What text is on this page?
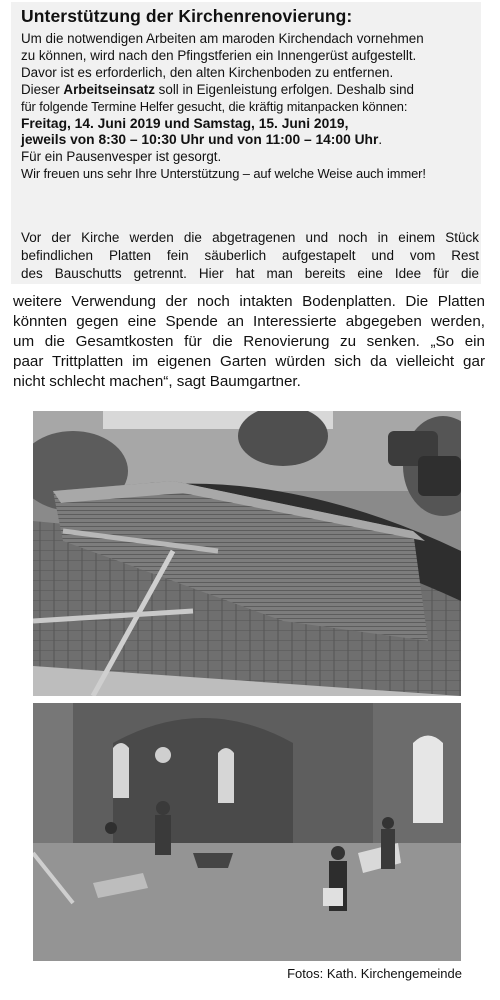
Unterstützung der Kirchenrenovierung:
Um die notwendigen Arbeiten am maroden Kirchendach vornehmen
zu können, wird nach den Pfingstferien ein Innengerüst aufgestellt.
Davor ist es erforderlich, den alten Kirchenboden zu entfernen.
Dieser Arbeitseinsatz soll in Eigenleistung erfolgen. Deshalb sind
für folgende Termine Helfer gesucht, die kräftig mitanpacken können:
Freitag, 14. Juni 2019 und Samstag, 15. Juni 2019,
jeweils von 8:30 – 10:30 Uhr und von 11:00 – 14:00 Uhr.
Für ein Pausenvesper ist gesorgt.
Wir freuen uns sehr Ihre Unterstützung – auf welche Weise auch immer!
Vor der Kirche werden die abgetragenen und noch in einem Stück
befindlichen Platten fein säuberlich aufgestapelt und vom Rest
des Bauschutts getrennt. Hier hat man bereits eine Idee für die
weitere Verwendung der noch intakten Bodenplatten. Die Platten
könnten gegen eine Spende an Interessierte abgegeben werden,
um die Gesamtkosten für die Renovierung zu senken. „So ein
paar Trittplatten im eigenen Garten würden sich da vielleicht gar
nicht schlecht machen“, sagt Baumgartner.
Fotos: Kath. Kirchengemeinde
